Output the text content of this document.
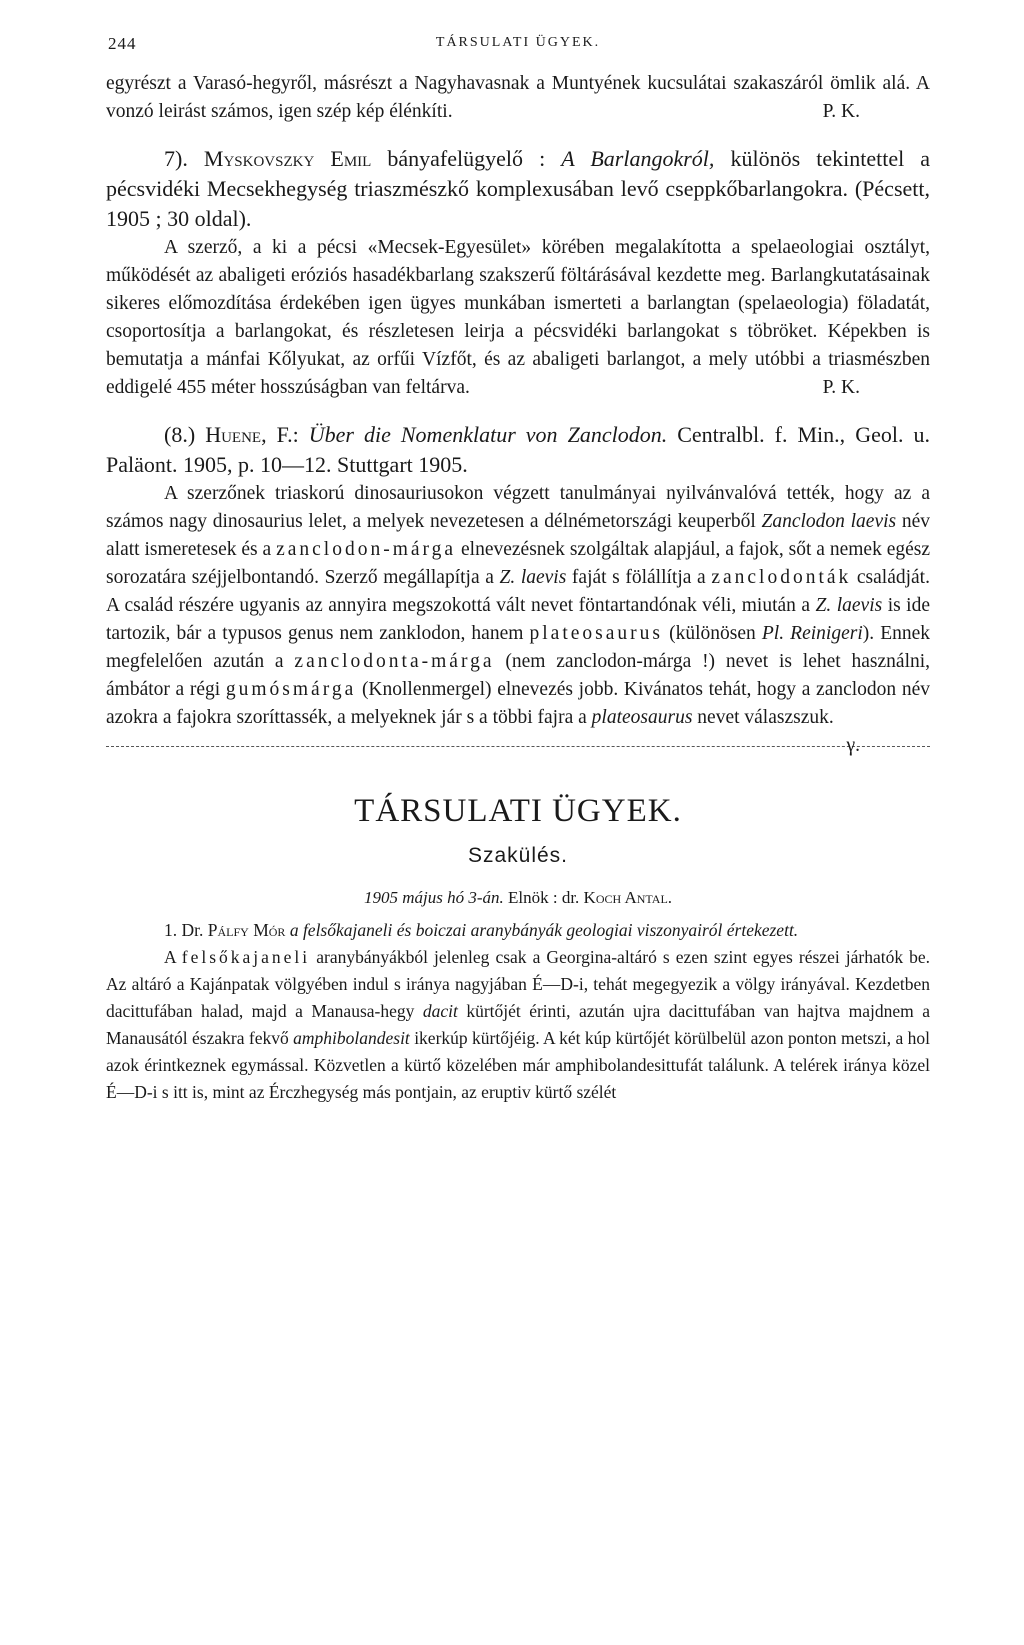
244	TÁRSULATI ÜGYEK.

egyrészt a Varasó-hegyről, másrészt a Nagyhavasnak a Muntyének kucsulátai szakaszáról ömlik alá. A vonzó leirást számos, igen szép kép élénkíti.	P. K.

7). Myskovszky Emil bányafelügyelő : A Barlangokról, különös tekintettel a pécsvidéki Mecsekhegység triaszmészkő komplexusában levő cseppkőbarlangokra. (Pécsett, 1905 ; 30 oldal).

A szerző, a ki a pécsi «Mecsek-Egyesület» körében megalakította a spelaeologiai osztályt, működését az abaligeti eróziós hasadékbarlang szakszerű föltárásával kezdette meg. Barlangkutatásainak sikeres előmozdítása érdekében igen ügyes munkában ismerteti a barlangtan (spelaeologia) föladatát, csoportosítja a barlangokat, és részletesen leirja a pécsvidéki barlangokat s töbröket. Képekben is bemutatja a mánfai Kőlyukat, az orfűi Vízfőt, és az abaligeti barlangot, a mely utóbbi a triasmészben eddigelé 455 méter hosszúságban van feltárva.	P. K.

(8.) Huene, F.: Über die Nomenklatur von Zanclodon. Centralbl. f. Min., Geol. u. Paläont. 1905, p. 10—12. Stuttgart 1905.

A szerzőnek triaskorú dinosauriusokon végzett tanulmányai nyilvánvalóvá tették, hogy az a számos nagy dinosaurius lelet, a melyek nevezetesen a délnémetországi keuperből Zanclodon laevis név alatt ismeretesek és a zanclodon-márga elnevezésnek szolgáltak alapjául, a fajok, sőt a nemek egész sorozatára széjjelbontandó. Szerző megállapítja a Z. laevis faját s fölállítja a zanclodonták családját. A család részére ugyanis az annyira megszokottá vált nevet föntartandónak véli, miután a Z. laevis is ide tartozik, bár a typusos genus nem zanklodon, hanem plateosaurus (különösen Pl. Reinigeri). Ennek megfelelően azután a zanclodonta-márga (nem zanclodon-márga !) nevet is lehet használni, ámbátor a régi gumósmárga (Knollenmergel) elnevezés jobb. Kivánatos tehát, hogy a zanclodon név azokra a fajokra szoríttassék, a melyeknek jár s a többi fajra a plateosaurus nevet válaszszuk.
γ.

TÁRSULATI ÜGYEK.
Szakülés.
1905 május hó 3-án. Elnök : dr. Koch Antal.

1. Dr. Pálfy Mór a felsőkajaneli és boiczai aranybányák geologiai viszonyairól értekezett.

A felsőkajaneli aranybányákból jelenleg csak a Georgina-altáró s ezen szint egyes részei járhatók be. Az altáró a Kajánpatak völgyében indul s iránya nagyjában É—D-i, tehát megegyezik a völgy irányával. Kezdetben dacittufában halad, majd a Manausa-hegy dacit kürtőjét érinti, azután ujra dacittufában van hajtva majdnem a Manausától északra fekvő amphibolandesit ikerkúp kürtőjéig. A két kúp kürtőjét körülbelül azon ponton metszi, a hol azok érintkeznek egymással. Közvetlen a kürtő közelében már amphibolandesittufát találunk. A telérek iránya közel É—D-i s itt is, mint az Érczhegység más pontjain, az eruptiv kürtő szélét
